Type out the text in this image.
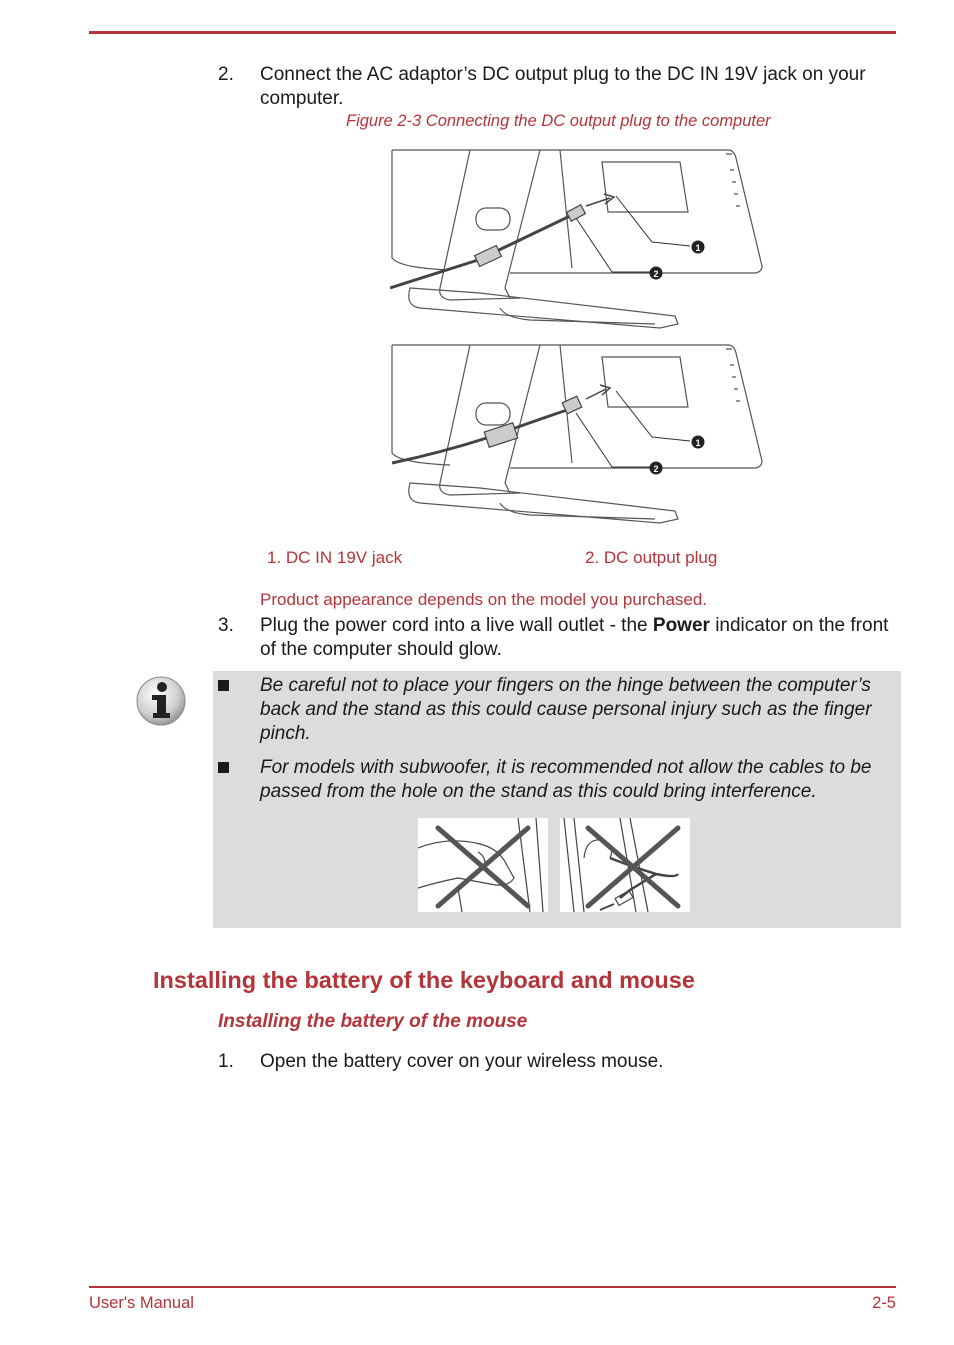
2. Connect the AC adaptor’s DC output plug to the DC IN 19V jack on your computer.
Figure 2-3 Connecting the DC output plug to the computer
1
2
1
2
1. DC IN 19V jack	2. DC output plug
Product appearance depends on the model you purchased.
3. Plug the power cord into a live wall outlet - the Power indicator on the front of the computer should glow.
Be careful not to place your fingers on the hinge between the computer’s back and the stand as this could cause personal injury such as the finger pinch.
For models with subwoofer, it is recommended not allow the cables to be passed from the hole on the stand as this could bring interference.
Installing the battery of the keyboard and mouse
Installing the battery of the mouse
1. Open the battery cover on your wireless mouse.
User's Manual	2-5
